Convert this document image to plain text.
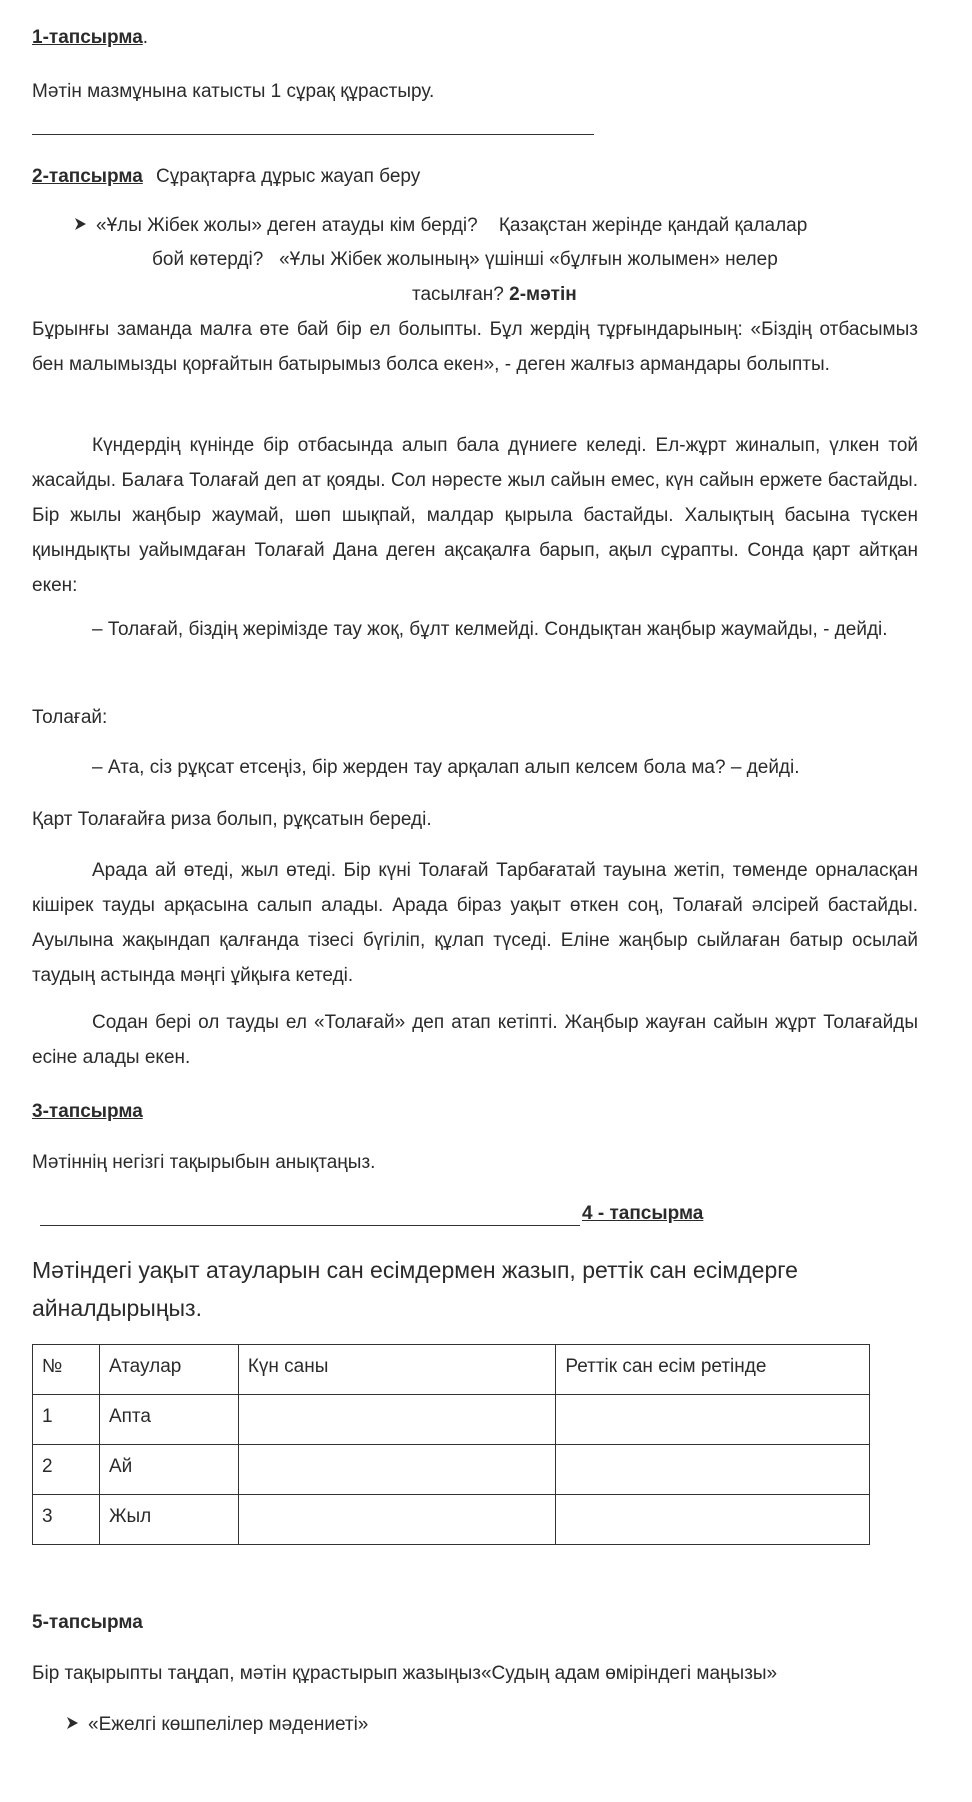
1-тапсырма.
Мәтін мазмұнына катысты 1 сұрақ құрастыру.
2-тапсырма Сұрақтарға дұрыс жауап беру
«Ұлы Жібек жолы» деген атауды кім берді?    Қазақстан жерінде қандай қалалар
бой көтерді?   «Ұлы Жібек жолының» үшінші «бұлғын жолымен» нелер
тасылған? 2-мәтін
Бұрынғы заманда малға өте бай бір ел болыпты. Бұл жердің тұрғындарының: «Біздің отбасымыз бен малымызды қорғайтын батырымыз болса екен», - деген жалғыз армандары болыпты.
Күндердің күнінде бір отбасында алып бала дүниеге келеді. Ел-жұрт жиналып, үлкен той жасайды. Балаға Толағай деп ат қояды. Сол нәресте жыл сайын емес, күн сайын ержете бастайды. Бір жылы жаңбыр жаумай, шөп шықпай, малдар қырыла бастайды. Халықтың басына түскен қиындықты уайымдаған Толағай Дана деген ақсақалға барып, ақыл сұрапты. Сонда қарт айтқан екен:
– Толағай, біздің жерімізде тау жоқ, бұлт келмейді. Сондықтан жаңбыр жаумайды, - дейді.
Толағай:
– Ата, сіз рұқсат етсеңіз, бір жерден тау арқалап алып келсем бола ма? – дейді.
Қарт Толағайға риза болып, рұқсатын береді.
Арада ай өтеді, жыл өтеді. Бір күні Толағай Тарбағатай тауына жетіп, төменде орналасқан кішірек тауды арқасына салып алады. Арада біраз уақыт өткен соң, Толағай әлсірей бастайды. Ауылына жақындап қалғанда тізесі бүгіліп, құлап түседі. Еліне жаңбыр сыйлаған батыр осылай таудың астында мәңгі ұйқыға кетеді.
Содан бері ол тауды ел «Толағай» деп атап кетіпті. Жаңбыр жауған сайын жұрт Толағайды есіне алады екен.
3-тапсырма
Мәтіннің негізгі тақырыбын анықтаңыз.
4 - тапсырма
Мәтіндегі уақыт атауларын сан есімдермен жазып, реттік сан есімдерге айналдырыңыз.
№	Атаулар	Күн саны	Реттік сан есім ретінде
1	Апта		
2	Ай		
3	Жыл		
5-тапсырма
Бір тақырыпты таңдап, мәтін құрастырып жазыңыз«Судың адам өміріндегі маңызы»
«Ежелгі көшпелілер мәдениеті»
